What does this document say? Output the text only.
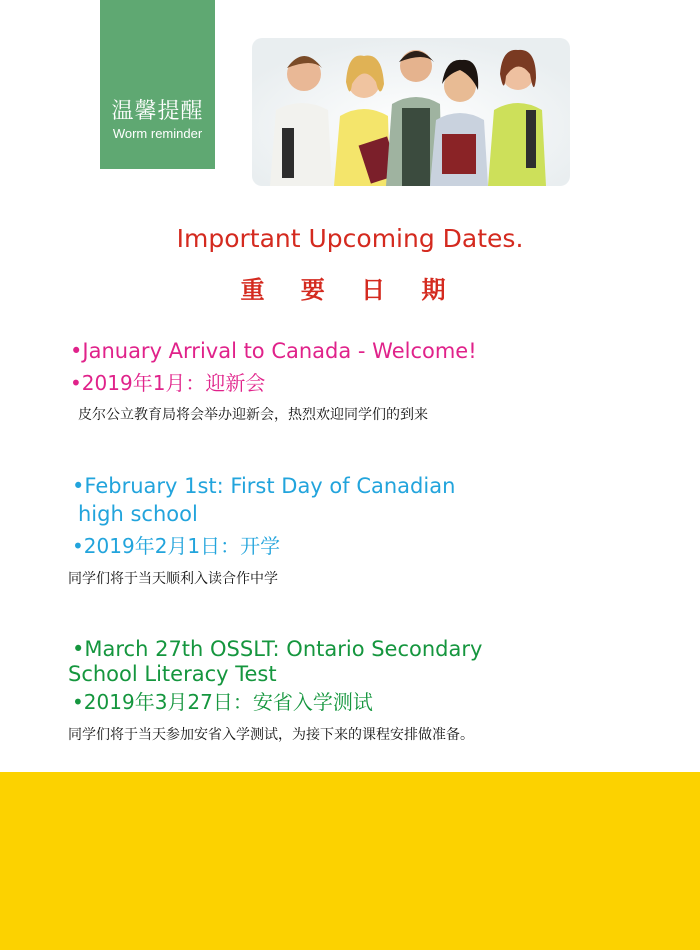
温馨提醒
Worm reminder
Important Upcoming Dates.
重 要 日 期
•January Arrival to Canada - Welcome!
•2019年1月：迎新会
皮尔公立教育局将会举办迎新会，热烈欢迎同学们的到来
•February 1st: First Day of Canadian
high school
•2019年2月1日：开学
同学们将于当天顺利入读合作中学
•March 27th OSSLT: Ontario Secondary
School Literacy Test
•2019年3月27日：安省入学测试
同学们将于当天参加安省入学测试，为接下来的课程安排做准备。
